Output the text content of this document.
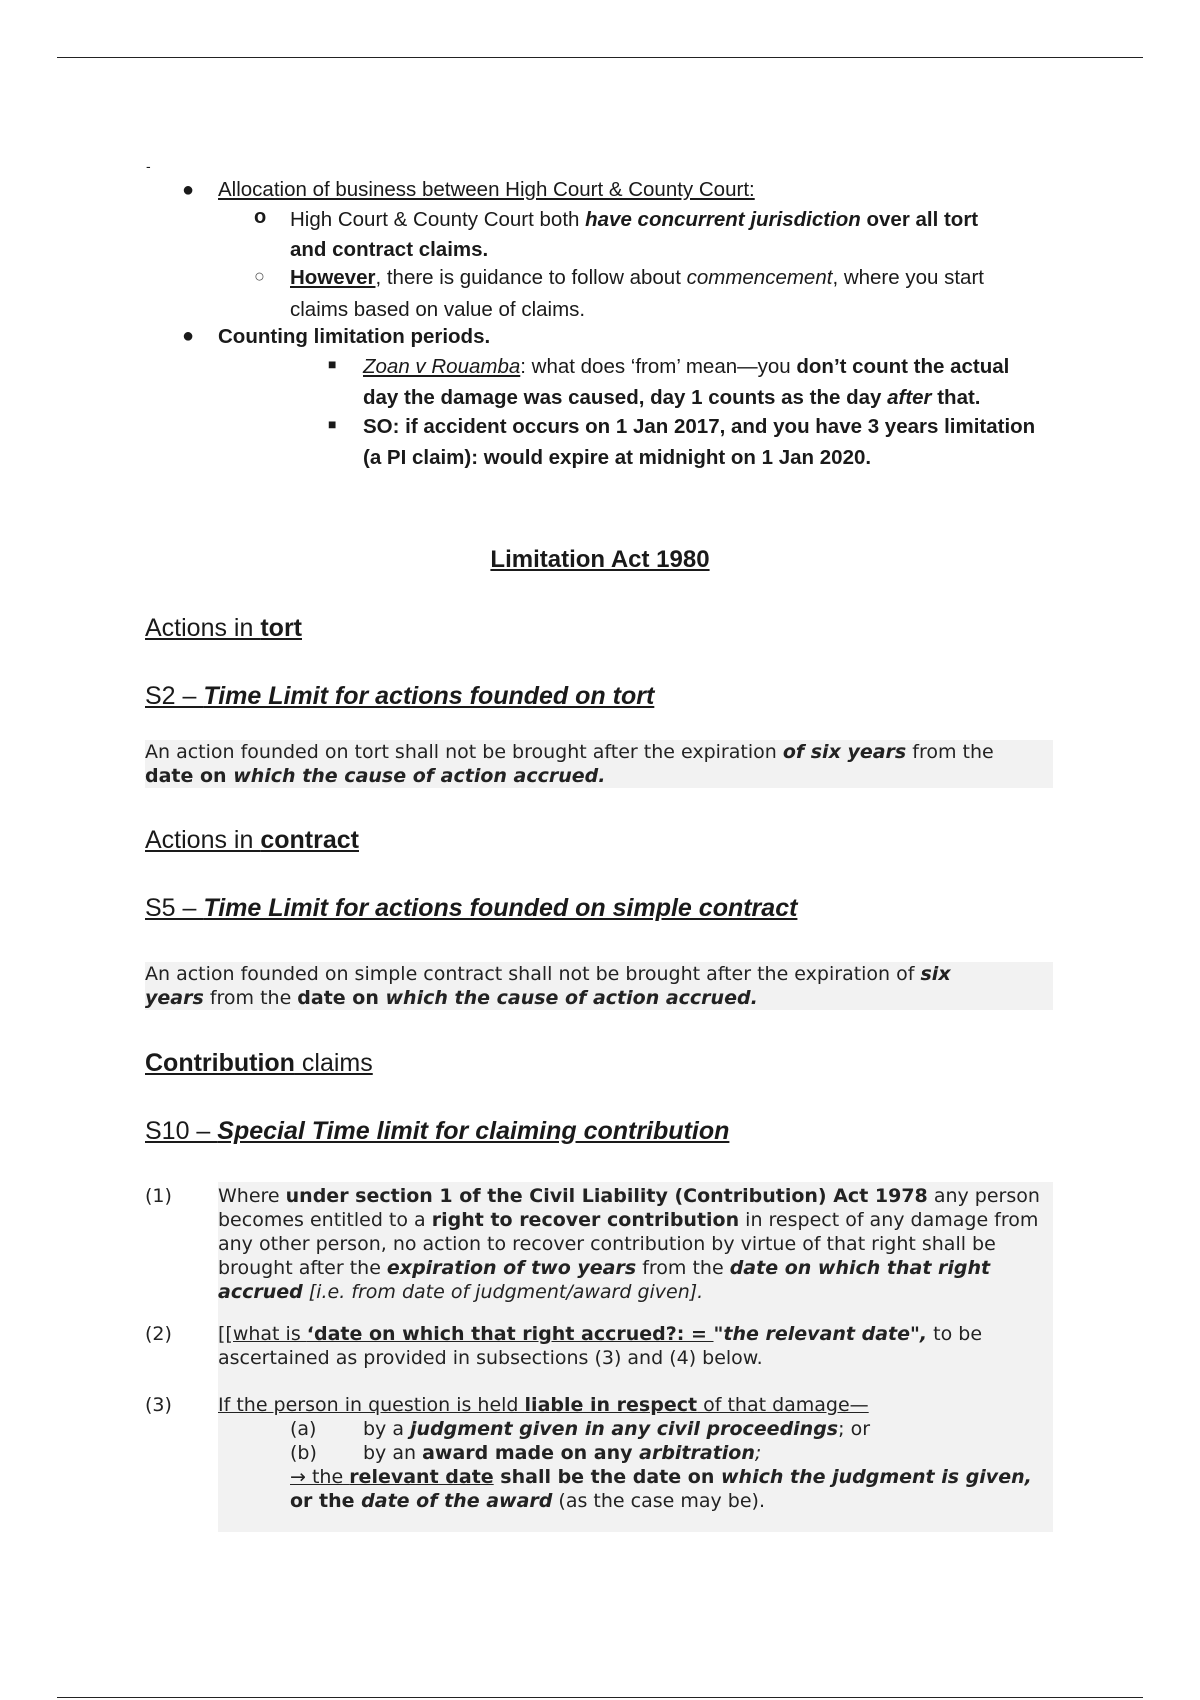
-
● Allocation of business between High Court & County Court:
o High Court & County Court both have concurrent jurisdiction over all tort
and contract claims.
○ However, there is guidance to follow about commencement, where you start
claims based on value of claims.
● Counting limitation periods.
■ Zoan v Rouamba: what does ‘from’ mean—you don’t count the actual
day the damage was caused, day 1 counts as the day after that.
■ SO: if accident occurs on 1 Jan 2017, and you have 3 years limitation
(a PI claim): would expire at midnight on 1 Jan 2020.
Limitation Act 1980
Actions in tort
S2 – Time Limit for actions founded on tort
An action founded on tort shall not be brought after the expiration of six years from the
date on which the cause of action accrued.
Actions in contract
S5 – Time Limit for actions founded on simple contract
An action founded on simple contract shall not be brought after the expiration of six
years from the date on which the cause of action accrued.
Contribution claims
S10 – Special Time limit for claiming contribution
(1) Where under section 1 of the Civil Liability (Contribution) Act 1978 any person
becomes entitled to a right to recover contribution in respect of any damage from
any other person, no action to recover contribution by virtue of that right shall be
brought after the expiration of two years from the date on which that right
accrued [i.e. from date of judgment/award given].
(2) [[what is ‘date on which that right accrued?: = "the relevant date", to be
ascertained as provided in subsections (3) and (4) below.
(3) If the person in question is held liable in respect of that damage—
(a) by a judgment given in any civil proceedings; or
(b) by an award made on any arbitration;
→ the relevant date shall be the date on which the judgment is given,
or the date of the award (as the case may be).
